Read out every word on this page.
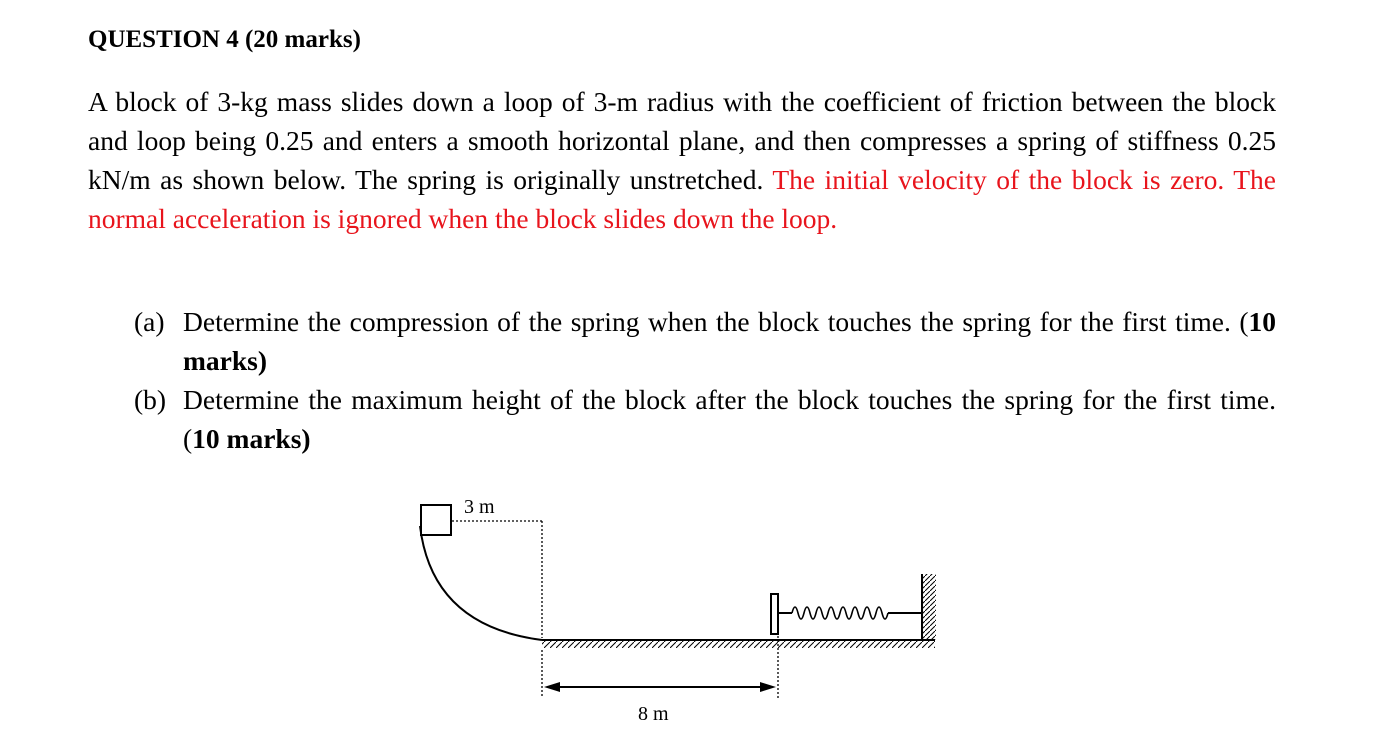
QUESTION 4 (20 marks)

A block of 3-kg mass slides down a loop of 3-m radius with the coefficient of friction between the block and loop being 0.25 and enters a smooth horizontal plane, and then compresses a spring of stiffness 0.25 kN/m as shown below. The spring is originally unstretched. The initial velocity of the block is zero. The normal acceleration is ignored when the block slides down the loop.

(a) Determine the compression of the spring when the block touches the spring for the first time. (10 marks)

(b) Determine the maximum height of the block after the block touches the spring for the first time. (10 marks)

3 m
8 m
